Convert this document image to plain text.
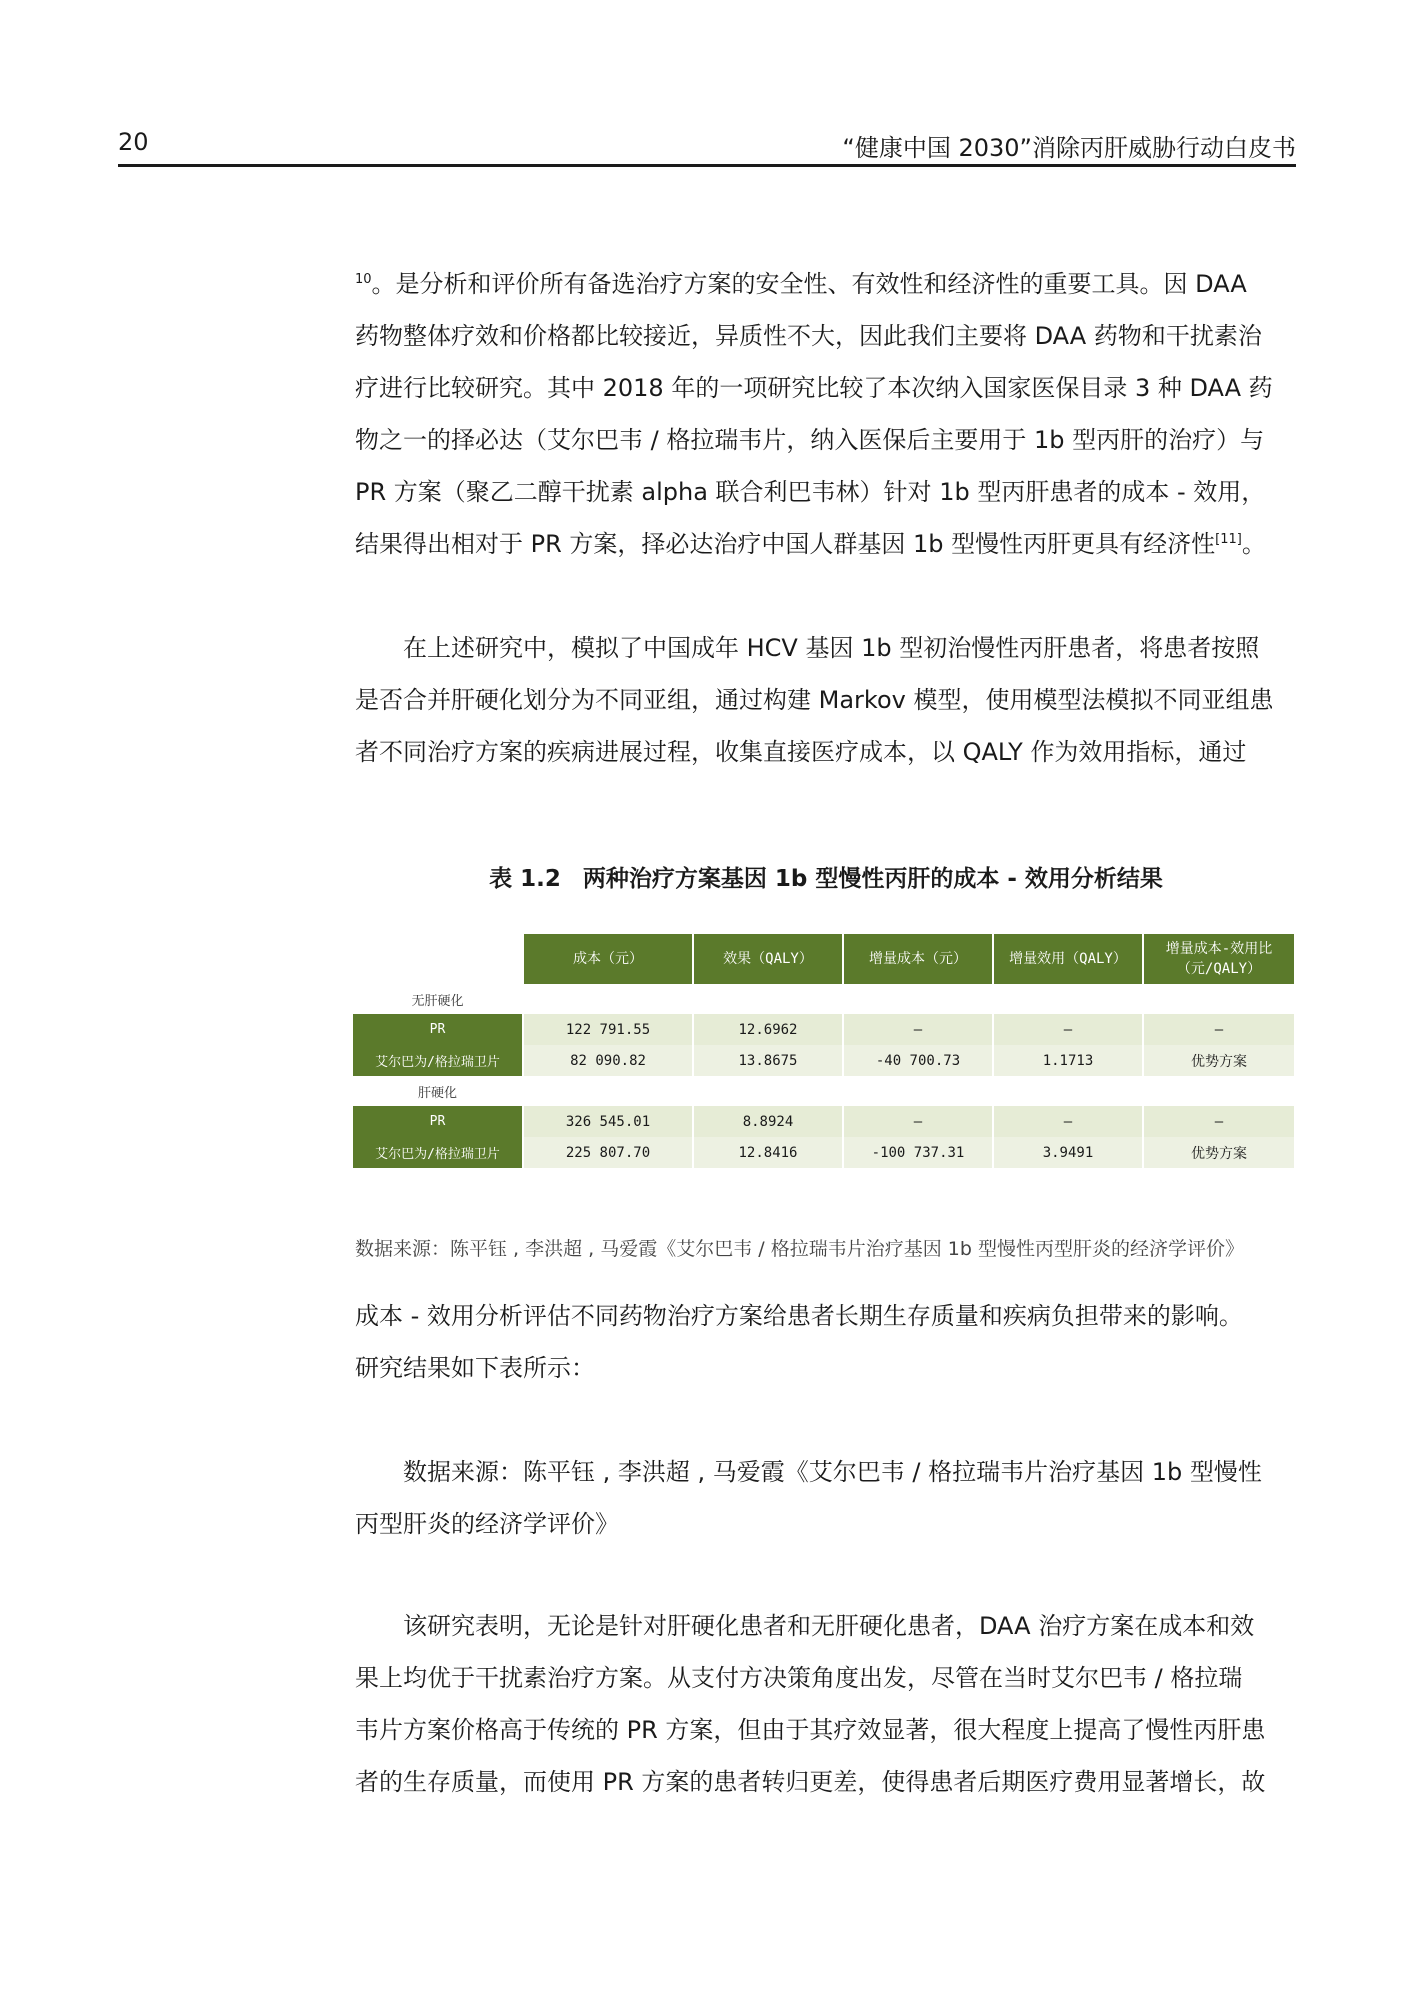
20	“健康中国 2030”消除丙肝威胁行动白皮书

$^{10}$。是分析和评价所有备选治疗方案的安全性、有效性和经济性的重要工具。因 DAA
药物整体疗效和价格都比较接近，异质性不大，因此我们主要将 DAA 药物和干扰素治
疗进行比较研究。其中 2018 年的一项研究比较了本次纳入国家医保目录 3 种 DAA 药
物之一的择必达（艾尔巴韦 / 格拉瑞韦片，纳入医保后主要用于 1b 型丙肝的治疗）与
PR 方案（聚乙二醇干扰素 alpha 联合利巴韦林）针对 1b 型丙肝患者的成本 - 效用，
结果得出相对于 PR 方案，择必达治疗中国人群基因 1b 型慢性丙肝更具有经济性[11]。

在上述研究中，模拟了中国成年 HCV 基因 1b 型初治慢性丙肝患者，将患者按照
是否合并肝硬化划分为不同亚组，通过构建 Markov 模型，使用模型法模拟不同亚组患
者不同治疗方案的疾病进展过程，收集直接医疗成本，以 QALY 作为效用指标，通过

表 1.2 两种治疗方案基因 1b 型慢性丙肝的成本 - 效用分析结果
	成本（元）	效果（QALY）	增量成本（元）	增量效用（QALY）	增量成本-效用比
（元/QALY）
无肝硬化					
PR	122 791.55	12.6962	–	–	–
艾尔巴为/格拉瑞卫片	82 090.82	13.8675	-40 700.73	1.1713	优势方案
肝硬化					
PR	326 545.01	8.8924	–	–	–
艾尔巴为/格拉瑞卫片	225 807.70	12.8416	-100 737.31	3.9491	优势方案
数据来源：陈平钰 , 李洪超 , 马爱霞《艾尔巴韦 / 格拉瑞韦片治疗基因 1b 型慢性丙型肝炎的经济学评价》

成本 - 效用分析评估不同药物治疗方案给患者长期生存质量和疾病负担带来的影响。
研究结果如下表所示：

数据来源：陈平钰 , 李洪超 , 马爱霞《艾尔巴韦 / 格拉瑞韦片治疗基因 1b 型慢性
丙型肝炎的经济学评价》

该研究表明，无论是针对肝硬化患者和无肝硬化患者，DAA 治疗方案在成本和效
果上均优于干扰素治疗方案。从支付方决策角度出发，尽管在当时艾尔巴韦 / 格拉瑞
韦片方案价格高于传统的 PR 方案，但由于其疗效显著，很大程度上提高了慢性丙肝患
者的生存质量，而使用 PR 方案的患者转归更差，使得患者后期医疗费用显著增长，故
